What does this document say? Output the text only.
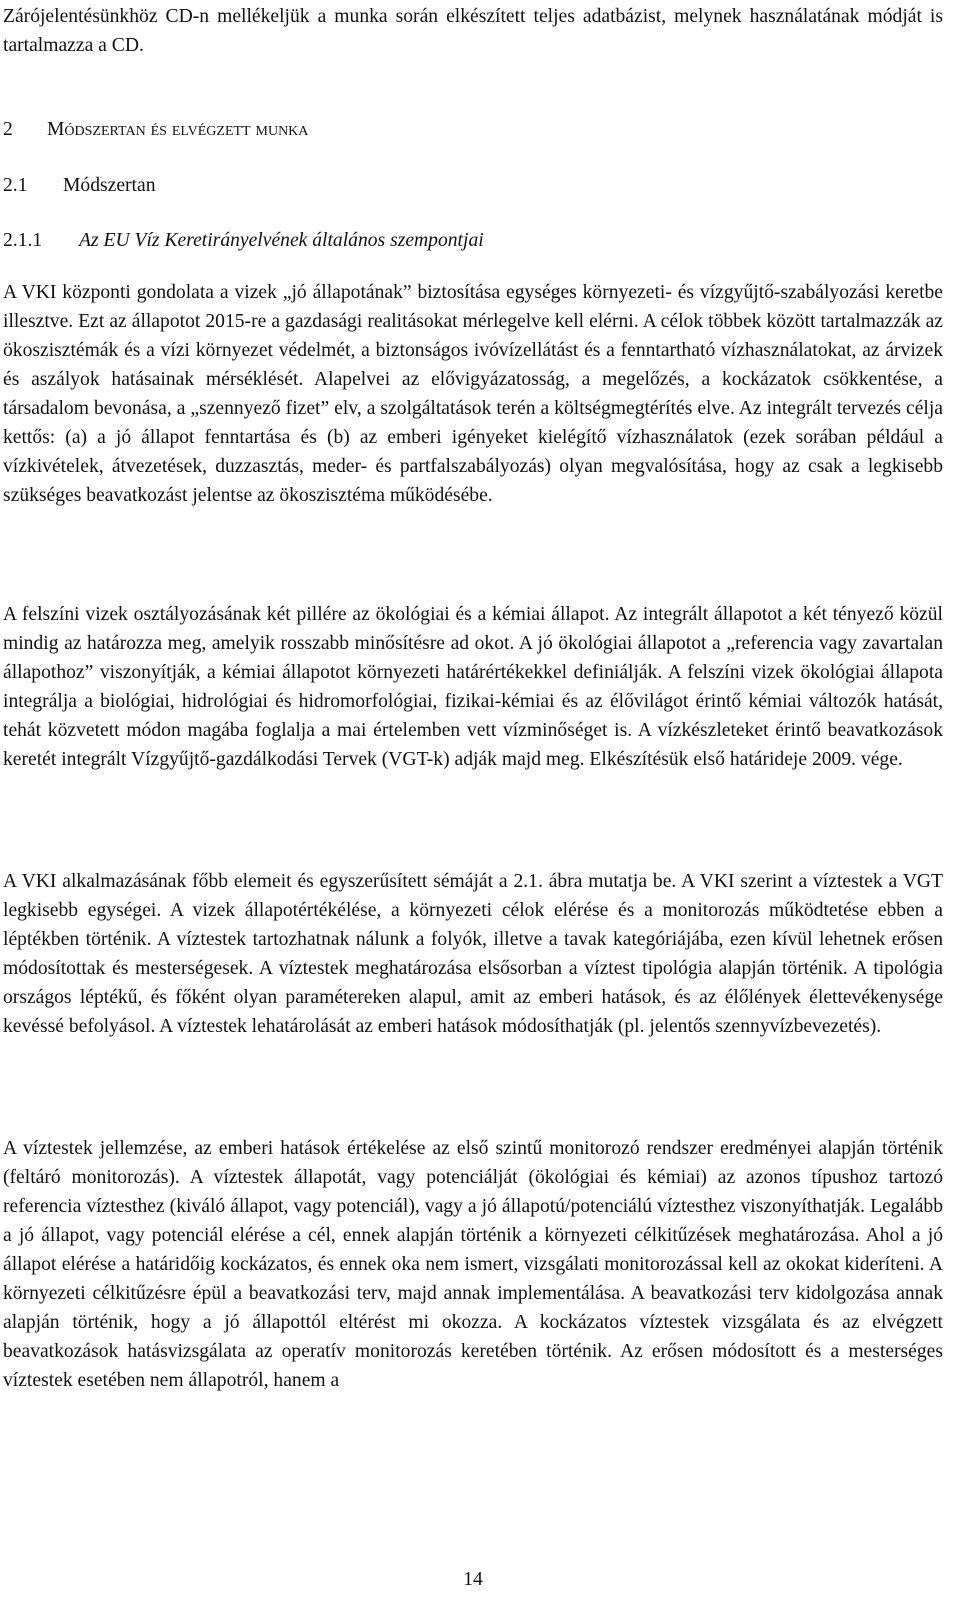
Zárójelentésünkhöz CD-n mellékeljük a munka során elkészített teljes adatbázist, melynek használatának módját is tartalmazza a CD.

2 Módszertan és elvégzett munka
2.1 Módszertan
2.1.1 Az EU Víz Keretirányelvének általános szempontjai

A VKI központi gondolata a vizek „jó állapotának” biztosítása egységes környezeti- és vízgyűjtő-szabályozási keretbe illesztve. Ezt az állapotot 2015-re a gazdasági realitásokat mérlegelve kell elérni. A célok többek között tartalmazzák az ökoszisztémák és a vízi környezet védelmét, a biztonságos ivóvízellátást és a fenntartható vízhasználatokat, az árvizek és aszályok hatásainak mérséklését. Alapelvei az elővigyázatosság, a megelőzés, a kockázatok csökkentése, a társadalom bevonása, a „szennyező fizet” elv, a szolgáltatások terén a költségmegtérítés elve. Az integrált tervezés célja kettős: (a) a jó állapot fenntartása és (b) az emberi igényeket kielégítő vízhasználatok (ezek sorában például a vízkivételek, átvezetések, duzzasztás, meder- és partfalszabályozás) olyan megvalósítása, hogy az csak a legkisebb szükséges beavatkozást jelentse az ökoszisztéma működésébe.

A felszíni vizek osztályozásának két pillére az ökológiai és a kémiai állapot. Az integrált állapotot a két tényező közül mindig az határozza meg, amelyik rosszabb minősítésre ad okot. A jó ökológiai állapotot a „referencia vagy zavartalan állapothoz” viszonyítják, a kémiai állapotot környezeti határértékekkel definiálják. A felszíni vizek ökológiai állapota integrálja a biológiai, hidrológiai és hidromorfológiai, fizikai-kémiai és az élővilágot érintő kémiai változók hatását, tehát közvetett módon magába foglalja a mai értelemben vett vízminőséget is. A vízkészleteket érintő beavatkozások keretét integrált Vízgyűjtő-gazdálkodási Tervek (VGT-k) adják majd meg. Elkészítésük első határideje 2009. vége.

A VKI alkalmazásának főbb elemeit és egyszerűsített sémáját a 2.1. ábra mutatja be. A VKI szerint a víztestek a VGT legkisebb egységei. A vizek állapotértékélése, a környezeti célok elérése és a monitorozás működtetése ebben a léptékben történik. A víztestek tartozhatnak nálunk a folyók, illetve a tavak kategóriájába, ezen kívül lehetnek erősen módosítottak és mesterségesek. A víztestek meghatározása elsősorban a víztest tipológia alapján történik. A tipológia országos léptékű, és főként olyan paramétereken alapul, amit az emberi hatások, és az élőlények élettevékenysége kevéssé befolyásol. A víztestek lehatárolását az emberi hatások módosíthatják (pl. jelentős szennyvízbevezetés).

A víztestek jellemzése, az emberi hatások értékelése az első szintű monitorozó rendszer eredményei alapján történik (feltáró monitorozás). A víztestek állapotát, vagy potenciálját (ökológiai és kémiai) az azonos típushoz tartozó referencia víztesthez (kiváló állapot, vagy potenciál), vagy a jó állapotú/potenciálú víztesthez viszonyíthatják. Legalább a jó állapot, vagy potenciál elérése a cél, ennek alapján történik a környezeti célkitűzések meghatározása. Ahol a jó állapot elérése a határidőig kockázatos, és ennek oka nem ismert, vizsgálati monitorozással kell az okokat kideríteni. A környezeti célkitűzésre épül a beavatkozási terv, majd annak implementálása. A beavatkozási terv kidolgozása annak alapján történik, hogy a jó állapottól eltérést mi okozza. A kockázatos víztestek vizsgálata és az elvégzett beavatkozások hatásvizsgálata az operatív monitorozás keretében történik. Az erősen módosított és a mesterséges víztestek esetében nem állapotról, hanem a

14
